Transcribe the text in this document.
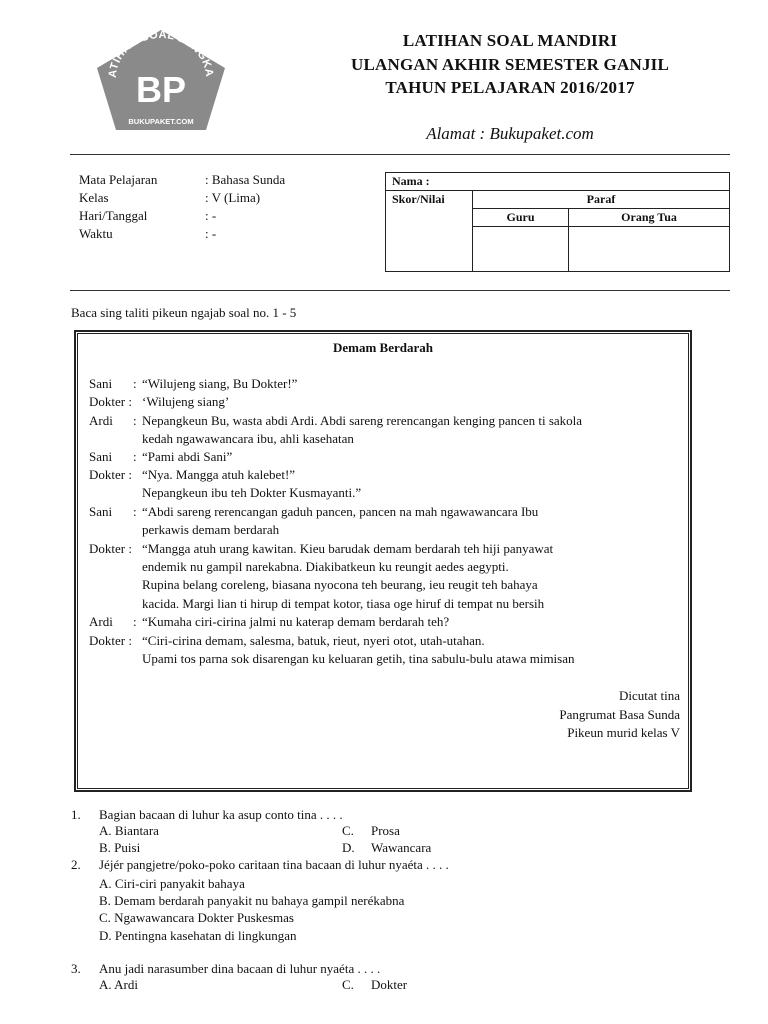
ATIHAN SOAL LENGKA
BP
BUKUPAKET.COM
LATIHAN SOAL MANDIRI
ULANGAN AKHIR SEMESTER GANJIL
TAHUN PELAJARAN 2016/2017
Alamat : Bukupaket.com
Mata Pelajaran	: Bahasa Sunda
Kelas	: V (Lima)
Hari/Tanggal	: -
Waktu	: -
Nama :		
Skor/Nilai	Paraf	
	Guru	Orang Tua

Baca sing taliti pikeun ngajab soal no. 1 - 5
Demam Berdarah
Sani : “Wilujeng siang, Bu Dokter!”
Dokter : ‘Wilujeng siang’
Ardi : Nepangkeun Bu, wasta abdi Ardi. Abdi sareng rerencangan kenging pancen ti sakola
kedah ngawawancara ibu, ahli kasehatan
Sani : “Pami abdi Sani”
Dokter : “Nya. Mangga atuh kalebet!”
Nepangkeun ibu teh Dokter Kusmayanti.”
Sani : “Abdi sareng rerencangan gaduh pancen, pancen na mah ngawawancara Ibu
perkawis demam berdarah
Dokter : “Mangga atuh urang kawitan. Kieu barudak demam berdarah teh hiji panyawat
endemik nu gampil narekabna. Diakibatkeun ku reungit aedes aegypti.
Rupina belang coreleng, biasana nyocona teh beurang, ieu reugit teh bahaya
kacida. Margi lian ti hirup di tempat kotor, tiasa oge hiruf di tempat nu bersih
Ardi : “Kumaha ciri-cirina jalmi nu katerap demam berdarah teh?
Dokter : “Ciri-cirina demam, salesma, batuk, rieut, nyeri otot, utah-utahan.
Upami tos parna sok disarengan ku keluaran getih, tina sabulu-bulu atawa mimisan
Dicutat tina
Pangrumat Basa Sunda
Pikeun murid kelas V
1. Bagian bacaan di luhur ka asup conto tina . . . .
A. Biantara	C. Prosa
B. Puisi	D. Wawancara
2. Jéjér pangjetre/poko-poko caritaan tina bacaan di luhur nyaéta . . . .
A. Ciri-ciri panyakit bahaya
B. Demam berdarah panyakit nu bahaya gampil nerékabna
C. Ngawawancara Dokter Puskesmas
D. Pentingna kasehatan di lingkungan
3. Anu jadi narasumber dina bacaan di luhur nyaéta . . . .
A. Ardi	C. Dokter
